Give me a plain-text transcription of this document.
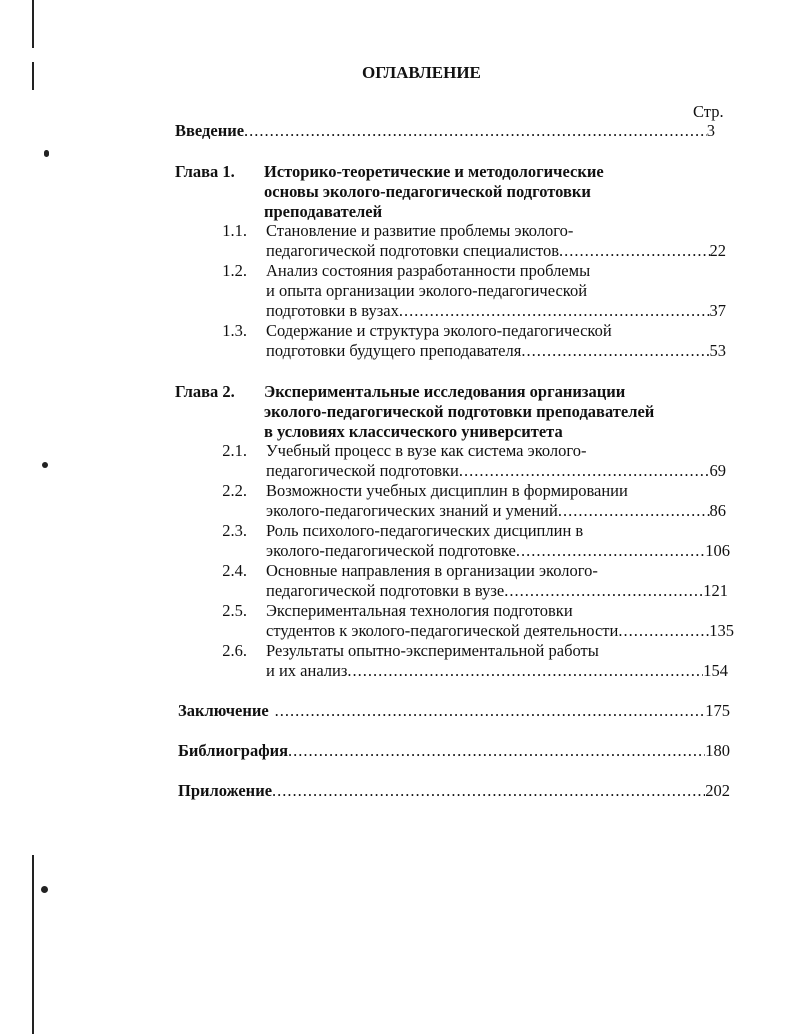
ОГЛАВЛЕНИЕ
Стр.
Введение .....	3
Глава 1. Историко-теоретические и методологические
основы эколого-педагогической подготовки
преподавателей
1.1. Становление и развитие проблемы эколого-
педагогической подготовки специалистов .....	22
1.2. Анализ состояния разработанности проблемы
и опыта организации эколого-педагогической
подготовки в вузах .....	37
1.3. Содержание и структура эколого-педагогической
подготовки будущего преподавателя .....	53
Глава 2. Экспериментальные исследования организации
эколого-педагогической подготовки преподавателей
в условиях классического университета
2.1. Учебный процесс в вузе как система эколого-
педагогической подготовки .....	69
2.2. Возможности учебных дисциплин в формировании
эколого-педагогических знаний и умений .....	86
2.3. Роль психолого-педагогических дисциплин в
эколого-педагогической подготовке .....	106
2.4. Основные направления в организации эколого-
педагогической подготовки в вузе .....	121
2.5. Экспериментальная технология подготовки
студентов к эколого-педагогической деятельности .....	135
2.6. Результаты опытно-экспериментальной работы
и их анализ .....	154
Заключение .....	175
Библиография .....	180
Приложение .....	202
